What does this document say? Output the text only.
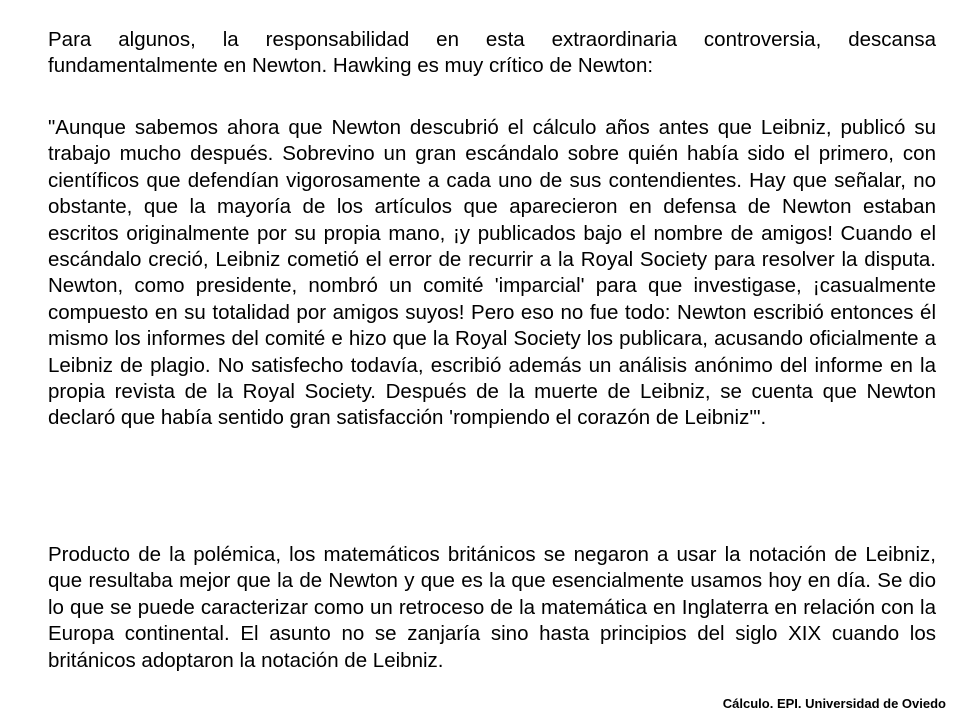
Para algunos, la responsabilidad en esta extraordinaria controversia, descansa fundamentalmente en Newton. Hawking es muy crítico de Newton:

"Aunque sabemos ahora que Newton descubrió el cálculo años antes que Leibniz, publicó su trabajo mucho después. Sobrevino un gran escándalo sobre quién había sido el primero, con científicos que defendían vigorosamente a cada uno de sus contendientes. Hay que señalar, no obstante, que la mayoría de los artículos que aparecieron en defensa de Newton estaban escritos originalmente por su propia mano, ¡y publicados bajo el nombre de amigos! Cuando el escándalo creció, Leibniz cometió el error de recurrir a la Royal Society para resolver la disputa. Newton, como presidente, nombró un comité 'imparcial' para que investigase, ¡casualmente compuesto en su totalidad por amigos suyos! Pero eso no fue todo: Newton escribió entonces él mismo los informes del comité e hizo que la Royal Society los publicara, acusando oficialmente a Leibniz de plagio. No satisfecho todavía, escribió además un análisis anónimo del informe en la propia revista de la Royal Society. Después de la muerte de Leibniz, se cuenta que Newton declaró que había sentido gran satisfacción 'rompiendo el corazón de Leibniz'".

Producto de la polémica, los matemáticos británicos se negaron a usar la notación de Leibniz, que resultaba mejor que la de Newton y que es la que esencialmente usamos hoy en día. Se dio lo que se puede caracterizar como un retroceso de la matemática en Inglaterra en relación con la Europa continental. El asunto no se zanjaría sino hasta principios del siglo XIX cuando los británicos adoptaron la notación de Leibniz.

Cálculo. EPI. Universidad de Oviedo
